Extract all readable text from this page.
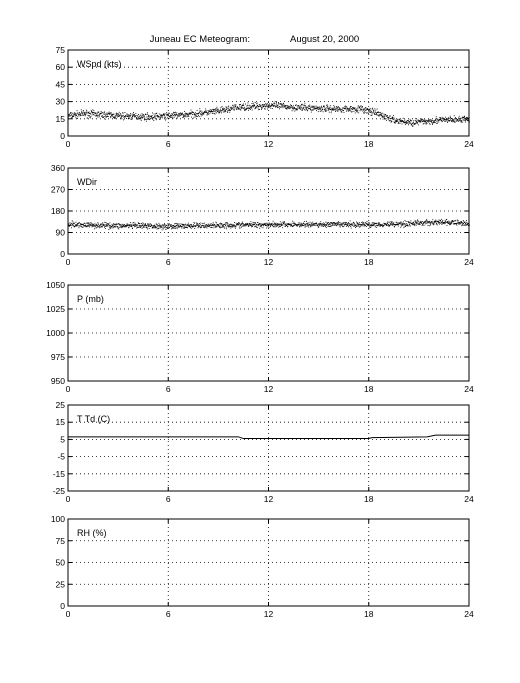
Juneau EC Meteogram:	August 20, 2000
0	6	12	18	24
0
15
30
45
60
75
WSpd (kts)
0	6	12	18	24
0
90
180
270
360
WDir
0	6	12	18	24
950
975
1000
1025
1050
P (mb)
0	6	12	18	24
-25
-15
-5
5
15
25
T Td (C)
0	6	12	18	24
0
25
50
75
100
RH (%)
